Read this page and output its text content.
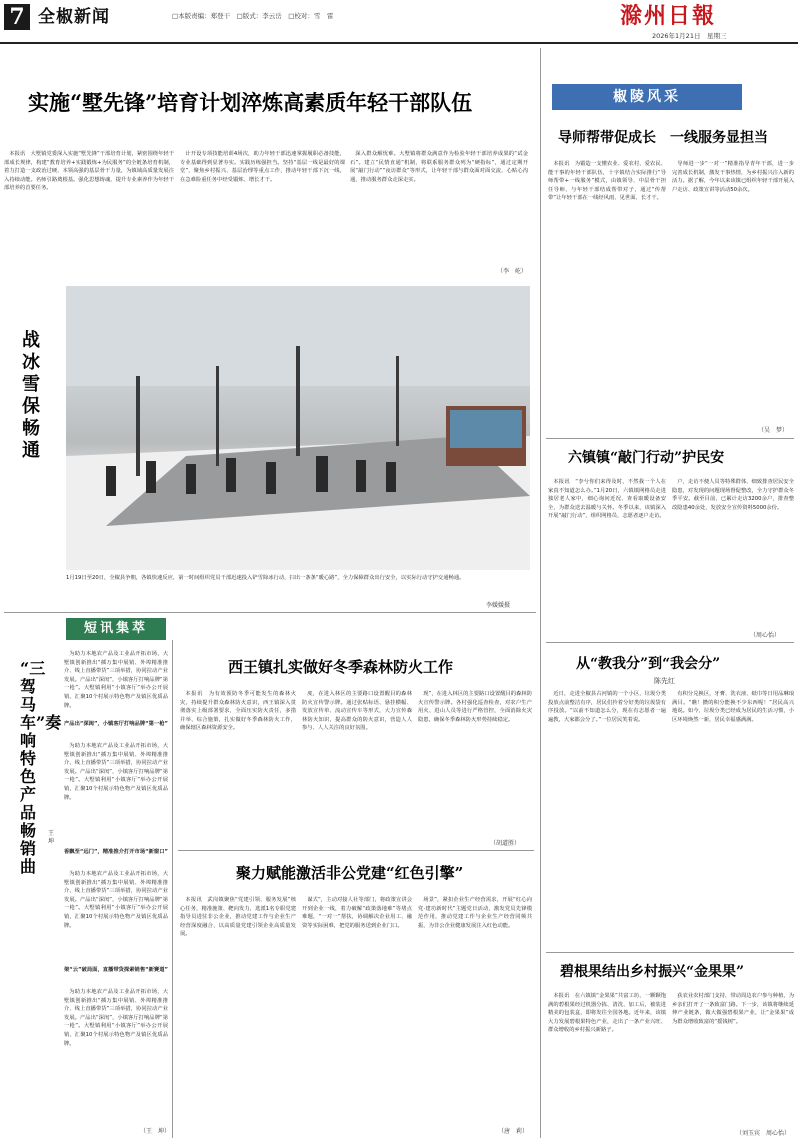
7 全椒新闻	□本版责编：郑登干　□版式：李云岳　□校对：雪　雷	滁州日報
2026年1月21日　星期三
实施“墅先锋”培育计划淬炼高素质年轻干部队伍

本报讯　大墅镇党委深入实施“墅先锋”干部培育计划，紧密围绕年轻干部成长规律，构建“教育培养+实践锻炼+为民服务”的全链条培育机制，着力打造一支政治过硬、本领高强的基层骨干力量，为镇域高质量发展注入持续动能。名师引路奠根基。强化思想铸魂，提升专业素养作为年轻干部培养的首要任务。

计开设专项技能培训4场次，助力年轻干部迅速掌握履职必备技能，专业基础得到显著夯实。实践历练强担当。坚持“基层一线是最好的课堂”，聚焦乡村振兴、基层治理等重点工作，推动年轻干部下沉一线，在急难险重任务中经受锻炼、增长才干。

深入群众解忧难。大墅镇将群众满意作为检验年轻干部培养成果的“试金石”。建立“民情直通”机制，将联系服务群众列为“硬指标”，通过定期开展“敲门行动”“夜访群众”等形式，让年轻干部与群众面对面交流、心贴心沟通，推动服务群众走深走实。

（李　屹）
战冰雪　保畅通
1月19日至20日，全椒县争朝，各镇快速反应，第一时间组织党员干部迅速投入铲雪除冰行动，扫出一条条“暖心路”，全力保障群众出行安全，以实际行动守护交通畅通。
李媛媛摄
椒陵风采
导师帮带促成长　一线服务显担当

本报讯　为锻造一支懂农业、爱农村、爱农民、能干事的年轻干部队伍，十字镇结合实际推行“导师帮带+一线服务”模式，由镇领导、中层骨干担任导师，与年轻干部结成帮带对子，通过“传帮带”让年轻干部在一线经风雨、见世面、长才干。

导师进一步“一对一”精准指导青年干部，进一步完善成长机制，激发干事热情，为乡村振兴注入新的活力。据了解，今年以来该镇已组织年轻干部开展入户走访、政策宣讲等活动50余次。

（吴　梦）
六镇镇“敲门行动”护民安

本报讯　“李兮你们来得及时，不然我一个人在家真不知道怎么办。”1月20日，六镇镇网格员走进独居老人家中，细心询问近况、查看取暖设备安全，为群众送去温暖与关怀。冬季以来，该镇深入开展“敲门行动”，组织网格员、志愿者逐户走访。

户，走访不便人员等特殊群体，细致排查居民安全隐患，对发现的问题现场督促整改，全力守护群众冬季平安。截至目前，已累计走访3200余户，排查整改隐患40余处，发放安全宣传资料5000余份。

（周心怡）
从“教我分”到“我会分”
陈先红

近日，走进全椒县古河镇的一个小区，垃圾分类投放点前整洁有序，居民们拎着分好类的垃圾袋有序投放。“以前不知道怎么分，现在有志愿者一遍遍教，大家都会分了。”一位居民笑着说。

有积分兑换区，牙膏、洗衣液、纸巾等日用品琳琅满目。“瞧！攒的积分能换不少东西呢！”居民高兴地说。如今，垃圾分类已经成为居民的生活习惯，小区环境焕然一新，居民幸福感满满。

碧根果结出乡村振兴“金果果”

本报讯　在六镇镇“金果果”共富工坊，一颗颗饱满的碧根果经过机器分拣、清洗、加工后，被装进精美的包装盒，即将发往全国各地。近年来，该镇大力发展碧根果特色产业，走出了一条产业兴旺、群众增收的乡村振兴新路子。

获农业农村部门支持，带动周边农户参与种植，为乡亲们打开了一条致富门路。下一步，该镇将继续延伸产业链条，做大做强碧根果产业，让“金果果”成为群众增收致富的“摇钱树”。

（刘玉宾　周心怡）
短讯集萃
“三驾马车”奏响特色产品畅销曲
王　坤

为助力本地农产品及工业品开拓市场，大墅镇创新推出“插万集中展销、外埠精准推介、线上直播带货”三项举措，协同拉动产业发展。产品出“深闺”，小镇客厅打响品牌“第一枪”。大墅镇利用“小镇客厅”举办公开展销，汇聚10个村展示特色物产及镇区优质品牌。

产品出“深闺”，小镇客厅打响品牌“第一枪”

为助力本地农产品及工业品开拓市场，大墅镇创新推出“插万集中展销、外埠精准推介、线上直播带货”三项举措，协同拉动产业发展。产品出“深闺”，小镇客厅打响品牌“第一枪”。大墅镇利用“小镇客厅”举办公开展销，汇聚10个村展示特色物产及镇区优质品牌。

香飘至“远门”，精准推介打开市场“新窗口”

为助力本地农产品及工业品开拓市场，大墅镇创新推出“插万集中展销、外埠精准推介、线上直播带货”三项举措，协同拉动产业发展。产品出“深闺”，小镇客厅打响品牌“第一枪”。大墅镇利用“小镇客厅”举办公开展销，汇聚10个村展示特色物产及镇区优质品牌。

架“云”破局面，直播带货探索销售“新赛道”

为助力本地农产品及工业品开拓市场，大墅镇创新推出“插万集中展销、外埠精准推介、线上直播带货”三项举措，协同拉动产业发展。产品出“深闺”，小镇客厅打响品牌“第一枪”。大墅镇利用“小镇客厅”举办公开展销，汇聚10个村展示特色物产及镇区优质品牌。

（王　坤）
西王镇扎实做好冬季森林防火工作

本报讯　为有效预防冬季可能发生的森林火灾，持续提升群众森林防火意识，西王镇深入贯彻落实上级部署要求，全面压实防火责任，多措并举、综合施策，扎实做好冬季森林防火工作，确保辖区森林资源安全。

度，在进入林区的主要路口设置醒目的森林防火宣传警示牌。通过张贴标语、悬挂横幅、发放宣传单、流动宣传车等形式，大力宣传森林防火知识，提高群众的防火意识，营造人人参与、人人关注的良好氛围。

现”，在进入林区的主要路口设置醒目的森林防火宣传警示牌。各村强化巡查检查，对农户生产用火、进山人员等进行严格管控，全面消除火灾隐患，确保冬季森林防火形势持续稳定。

（胡道胜）
聚力赋能激活非公党建“红色引擎”

本报讯　武岗镇聚焦“党建引领、服务发展”核心任务，精准施策、靶向发力，选派1名专职党建指导员进驻非公企业，推动党建工作与企业生产经营深度融合，以高质量党建引领企业高质量发展。

谋式”，主动对接人社等部门，将政策宣讲会开到企业一线，着力破解“政策落地难”等堵点难题，“一对一”帮扶，协调解决企业用工、融资等实际困难，把党的服务送到企业门口。

场景”，紧扣企业生产经营需求，开展“红心向党·建功新时代”主题党日活动，激发党员先锋模范作用，推动党建工作与企业生产经营同频共振，为非公企业健康发展注入红色动能。

（唐　莉）
